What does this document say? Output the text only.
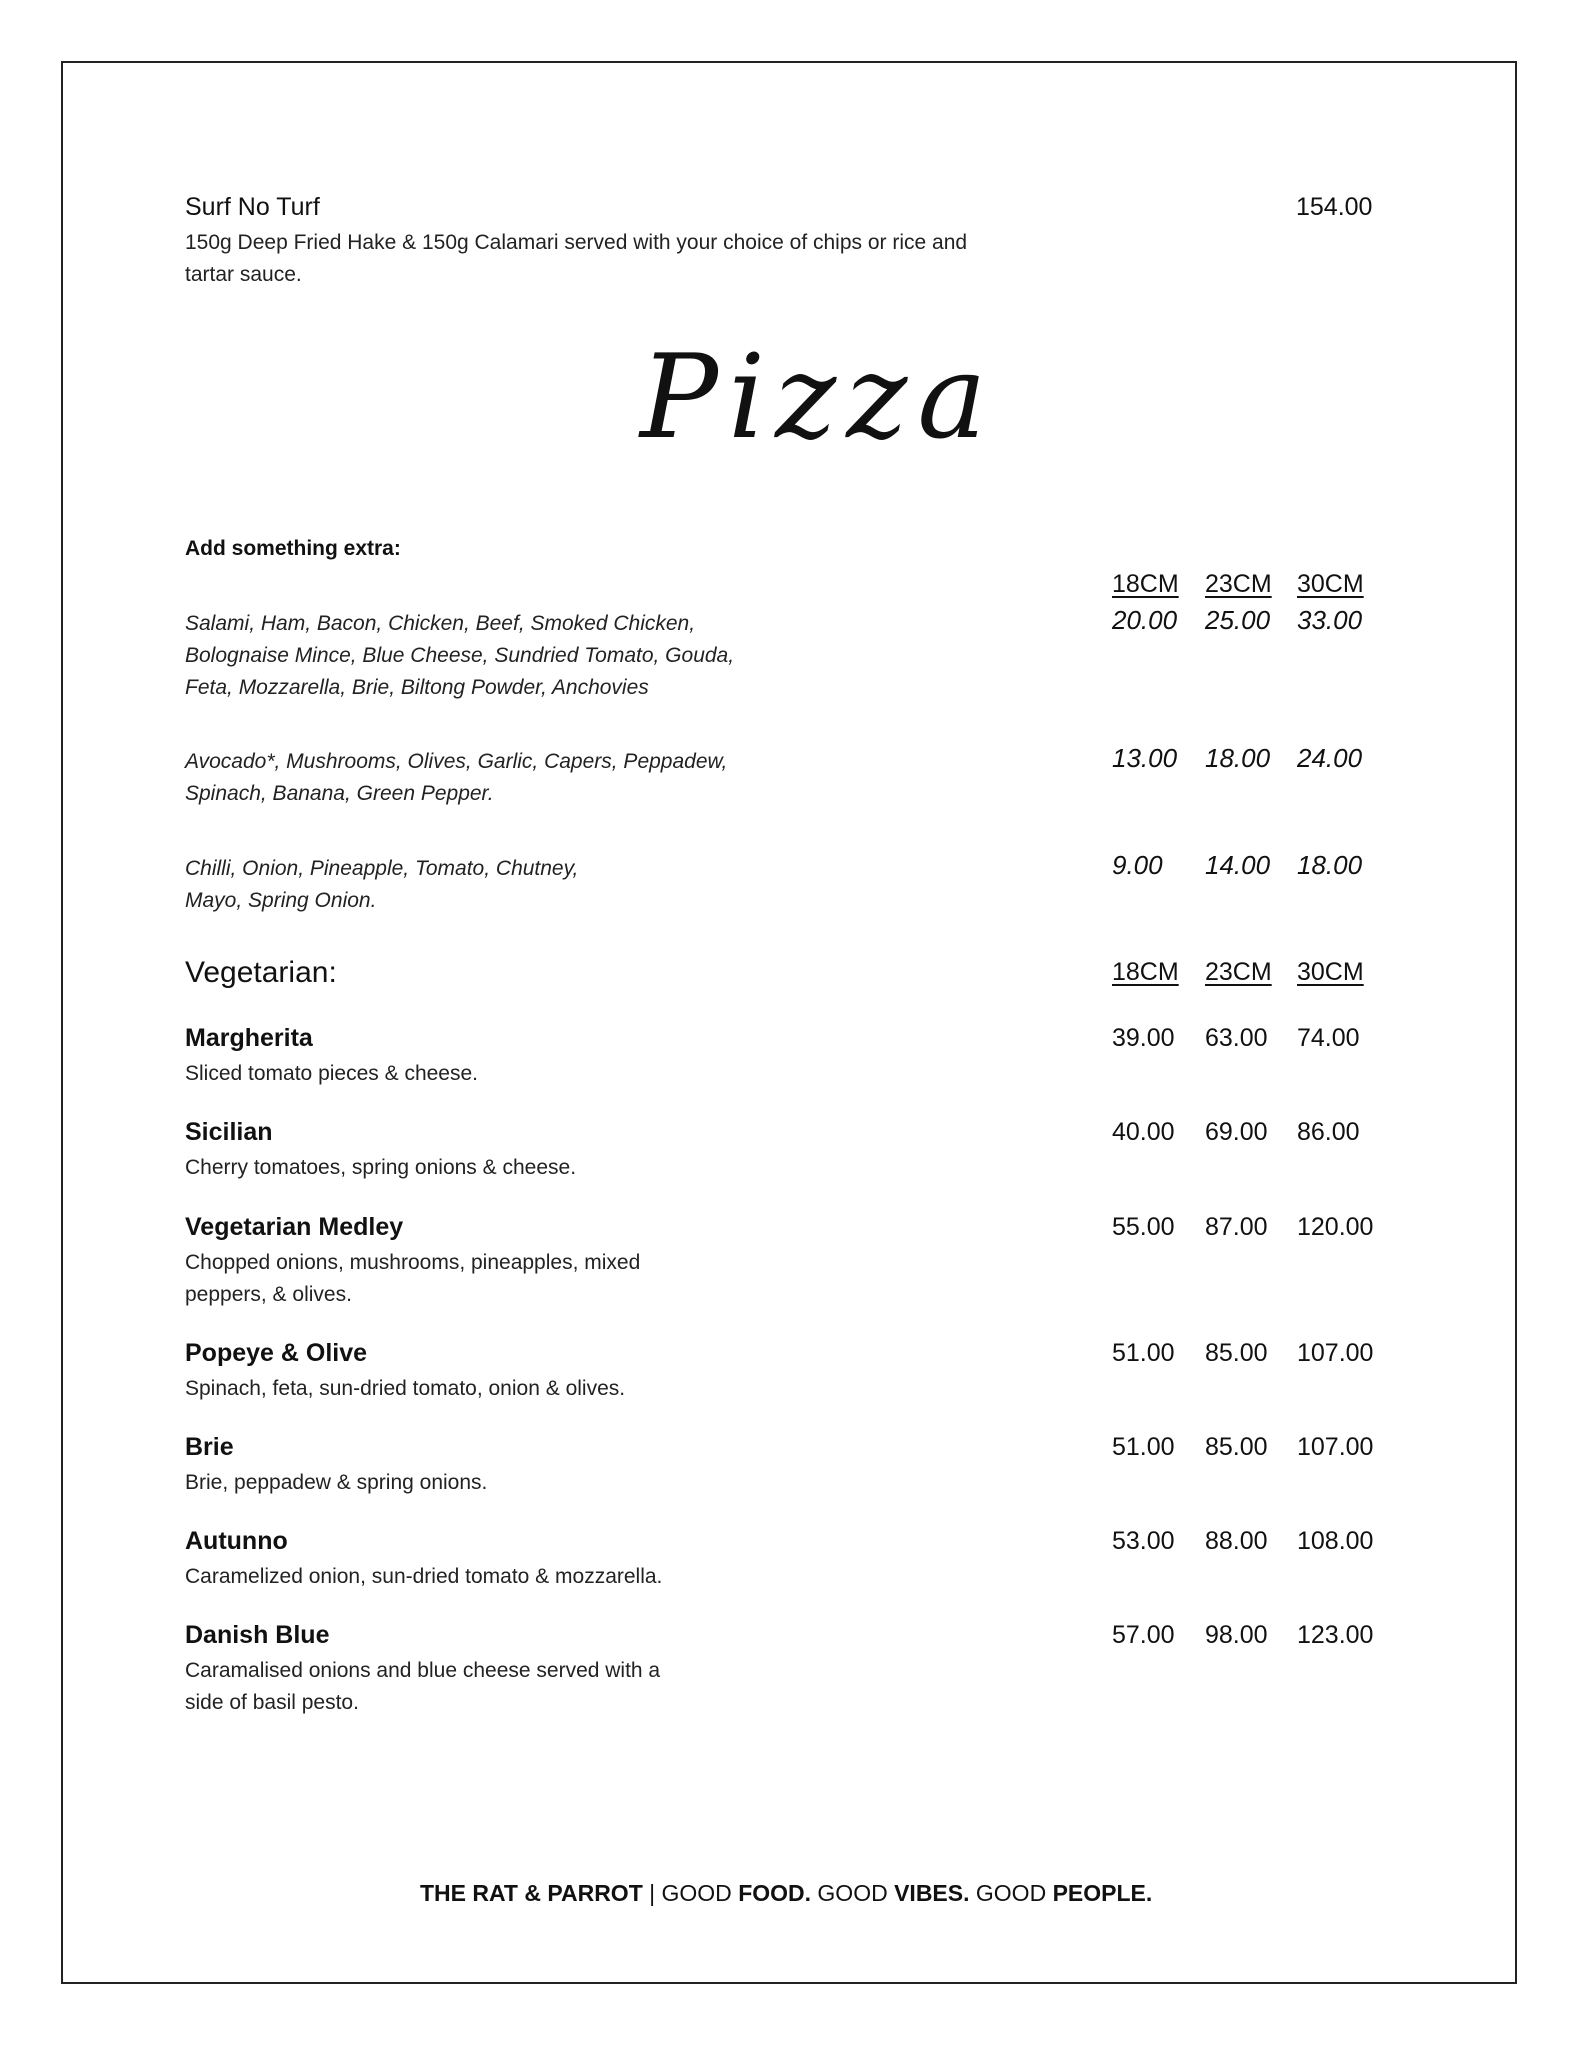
Surf No Turf	154.00
150g Deep Fried Hake & 150g Calamari served with your choice of chips or rice and
tartar sauce.
Pizza
Add something extra:
18CM 23CM 30CM
Salami, Ham, Bacon, Chicken, Beef, Smoked Chicken,
Bolognaise Mince, Blue Cheese, Sundried Tomato, Gouda,
Feta, Mozzarella, Brie, Biltong Powder, Anchovies
20.00 25.00 33.00
Avocado*, Mushrooms, Olives, Garlic, Capers, Peppadew,
Spinach, Banana, Green Pepper.
13.00 18.00 24.00
Chilli, Onion, Pineapple, Tomato, Chutney,
Mayo, Spring Onion.
9.00 14.00 18.00
Vegetarian:	18CM 23CM 30CM
Margherita
Sliced tomato pieces & cheese.
39.00 63.00 74.00
Sicilian
Cherry tomatoes, spring onions & cheese.
40.00 69.00 86.00
Vegetarian Medley
Chopped onions, mushrooms, pineapples, mixed
peppers, & olives.
55.00 87.00 120.00
Popeye & Olive
Spinach, feta, sun-dried tomato, onion & olives.
51.00 85.00 107.00
Brie
Brie, peppadew & spring onions.
51.00 85.00 107.00
Autunno
Caramelized onion, sun-dried tomato & mozzarella.
53.00 88.00 108.00
Danish Blue
Caramalised onions and blue cheese served with a
side of basil pesto.
57.00 98.00 123.00
THE RAT & PARROT | GOOD FOOD. GOOD VIBES. GOOD PEOPLE.
